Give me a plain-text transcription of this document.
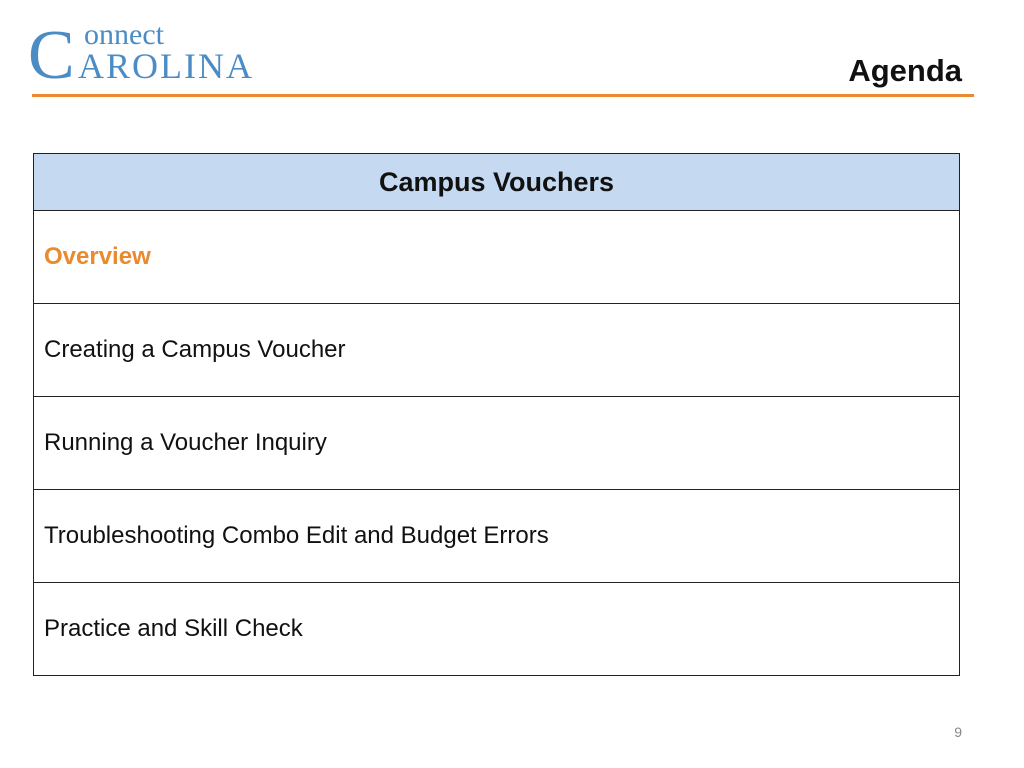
C onnect
AROLINA	Agenda
Campus Vouchers
Overview
Creating a Campus Voucher
Running a Voucher Inquiry
Troubleshooting Combo Edit and Budget Errors
Practice and Skill Check
9
